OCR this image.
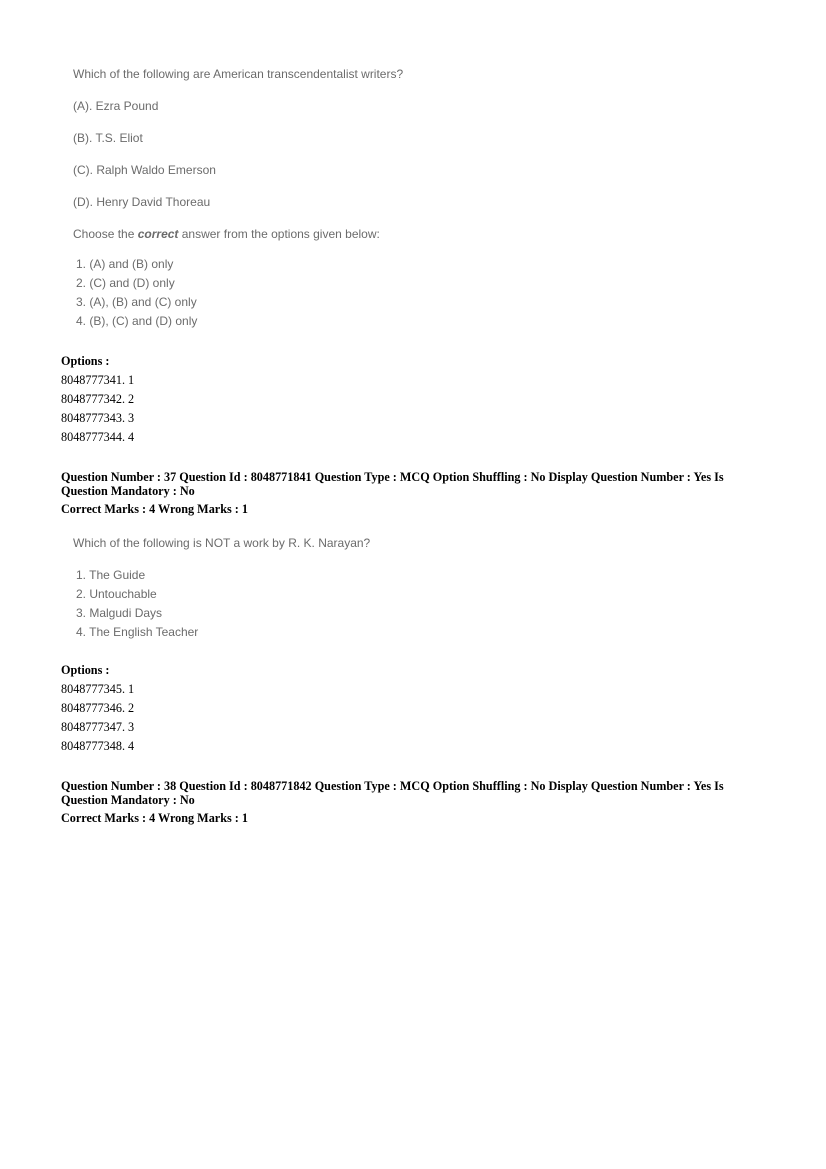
Which of the following are American transcendentalist writers?

(A). Ezra Pound

(B). T.S. Eliot

(C). Ralph Waldo Emerson

(D). Henry David Thoreau

Choose the correct answer from the options given below:

1. (A) and (B) only
2. (C) and (D) only
3. (A), (B) and (C) only
4. (B), (C) and (D) only
Options :
8048777341. 1
8048777342. 2
8048777343. 3
8048777344. 4
Question Number : 37 Question Id : 8048771841 Question Type : MCQ Option Shuffling : No Display Question Number : Yes Is Question Mandatory : No
Correct Marks : 4 Wrong Marks : 1

Which of the following is NOT a work by R. K. Narayan?

1. The Guide
2. Untouchable
3. Malgudi Days
4. The English Teacher
Options :
8048777345. 1
8048777346. 2
8048777347. 3
8048777348. 4
Question Number : 38 Question Id : 8048771842 Question Type : MCQ Option Shuffling : No Display Question Number : Yes Is Question Mandatory : No
Correct Marks : 4 Wrong Marks : 1
